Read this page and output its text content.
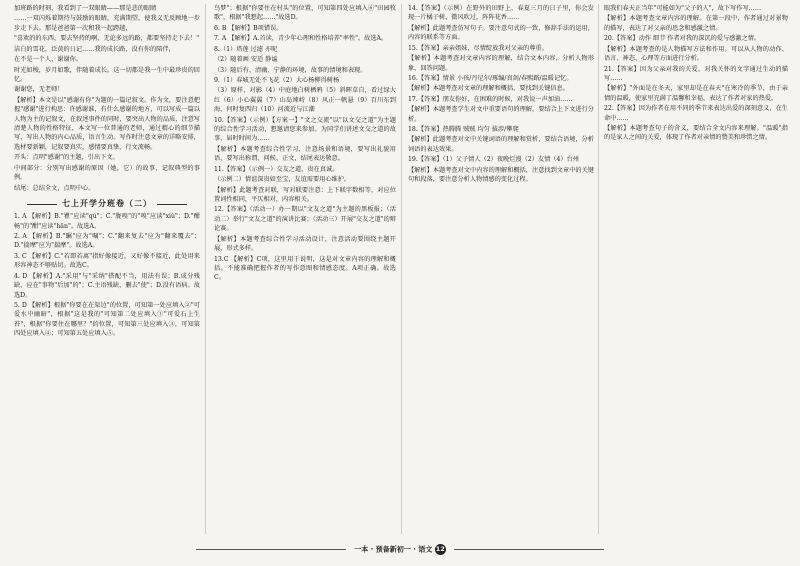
加班路的时刻，我看到了一双眼睛——那是悲的眼睛

……一双闪烁着期待与鼓励的眼睛，充满期望，使我义无反顾地一步步走下去。那是爸爸第一次和我一起跨越，

"喜欢的的东西，要去坚持的啊，无论多远的路，都要坚持走下去！"

洁白的雪花，泛黄的日记……我的成长路，没有你的陪伴，

在不是一个人，谢谢你。

时光如梭，岁月如歌，伴随着成长，这一切都是我一生中最珍贵的回忆。

谢谢您，无老师！

【解析】本文是以"感谢有你"为题的一篇记叙文。作为文，要注意把握"感谢"进行构思：许感谢谁，有什么感谢的地方，可以写成一篇以人物为主的记叙文，在叙述事件的同时，要突出人物的品质，注意写清楚人物的性格特征，本文写一位普通的老师，通过精心的细节描写，写出人物的内心品质，语言生动。写作时注意文章的详略安排，选材要新颖，记叙要真实，感情要真挚，行文流畅。

开头：点明"感谢"的主题，引出下文。

中间部分：分别写出感谢的原因（她，它）的故事，记叙典型的事例。

结尾：总结全文，点明中心。

七上开学分班卷（二）

1. A 【解析】B."瞿"应读"qú"；C."胧嗅"的"嗅"应读"xiù"；D."酣畅"的"酣"应读"hān"。故选A。

2. A 【解析】B."瞩"应为"嘱"；C."翻来复去"应为"翻来覆去"；D."揣摩"应为"揣摩"。故选A。

3. C 【解析】C."若即若离"指好像接近，又好像不接近，此处用来形容神态不够贴切。故选C。

4. D 【解析】A."采用"与"采纳"搭配不当，用法有误；B.成分残缺，应在"事物"后加"的"；C.主语残缺，删去"使"；D.没有语病。故选D。

5. D 【解析】根据"你要在在渠边"的位置，可知第一处应填入②"可爱水中幽暗"，根据"这是我的"可知第二处应填入①"可爱石上生苔"，根据"你要住在哪里？"的位置，可知第三处应填入③，可知第四处应填入④；可知第五处应填入⑤。

鸟梦"；根据"你要住在村头"的位置，可知第四处应填入⑥"田园牧歌"，根据"我想起……"故选D。

6. B 【解析】B项错误。

7. A 【解析】A.首读，青少年心理和性格培养"率性"。故选A。

8.（1）塔莲 过滤 亦呢

（2）随着画 安适 静谧

（3）随后有、清幽、宁静的环境，故事的情境和表现。

9.（1）春城无处不飞花（2）大心杨柳得树杨

（3）原样、对影（4）中庭地白树栖鸦（5）斜晖草自，看过绿大红（6）小心翼翼（7）山岛竦峙（8）风正一帆悬（9）百川东到海，何时复西归（10）河流近与江潮

10.【答案】（示例）【方案一】"文之交流"以"以文交之道"为主题的综合性学习活动，想邀请您来参加。为同学们讲述文交之道的故事，届时时间为……

【解析】本题考查综合性学习，注意场景和语境，要写出礼貌用语，要写出称谓、问候、正文，结尾表达敬意。

11.【答案】（示例一）交友之道，贵在真诚。

（示例二）情谊深贵如至宝，友谊需要用心维护。

【解析】此题考查对联，写对联要注意：上下联字数相等，对应位置词性相同，平仄相对，内容相关。

12.【答案】（活动一）办一期以"文友之道"为主题的黑板报；（活动二）举行"文友之道"的演讲比赛；（活动三）开展"交友之道"的辩论赛。

【解析】本题考查综合性学习活动设计，注意活动要围绕主题开展，形式多样。

13.C 【解析】C项，这里用于说明，这是对文章内容的理解和概括。不能准确把握作者的写作意图和情感态度。A项正确。故选C。

14.【答案】（示例）在野外的田野上，春夏三月的日子里，你会发现一片橘子树，微风吹过，阵阵花香……

【解析】此题考查仿写句子。要注意句式的一致，修辞手法的运用，内容的联系等方面。

15.【答案】亲亲姐妹，尽情绽放我对父亲的尊重。

【解析】本题考查对文章内容的理解，结合文本内容，分析人物形象，回答问题。

16.【答案】情景 小孩/丹尼尔/琢编/真剑/春熙路/温暖记忆。

【解析】本题考查对文章的理解和概括，要找到关键信息。

17.【答案】朋友你好，在困难的时候，对我说一声加油……

【解析】本题考查学生对文中重要语句的理解，要结合上下文进行分析。

18.【答案】热腾腾 贼贼 均匀 拔涉/攀爬

【解析】此题考查对文中关键词语的理解和赏析，要结合语境，分析词语的表达效果。

19.【答案】（1）父子情人（2）夜晚烂漫（2）友情（4）台州

【解析】本题考查对文中内容的理解和概括，注意找到文章中的关键句和段落，要注意分析人物情感的变化过程。

眼我们春天正当年"可能如为"父子的人"，故下写作写……

【解析】本题考查文章内容的理解。在第一段中，作者通过对景物的描写，表达了对父亲的思念和感激之情。

20.【答案】动作 细节 作者对我的深沉的爱与感激之情。

【解析】本题考查的是人物描写方法和作用。可以从人物的动作、语言、神态、心理等方面进行分析。

21.【答案】因为父亲对我的关爱，对我关怀的文字通过生动的描写……

【解析】"外面是在冬天，家里却是在春天"在寒冷的季节，由于亲情的温暖，使家里充满了温馨和幸福，表达了作者对家的热爱。

22.【答案】因为作者在用不同的季节来表达出爱的深刻意义，在生命中……

【解析】本题考查句子的含义，要结合全文内容来理解。"温暖"指的是家人之间的关爱，体现了作者对亲情的赞美和珍惜之情。

一本 · 预备新初一 · 语文 12
